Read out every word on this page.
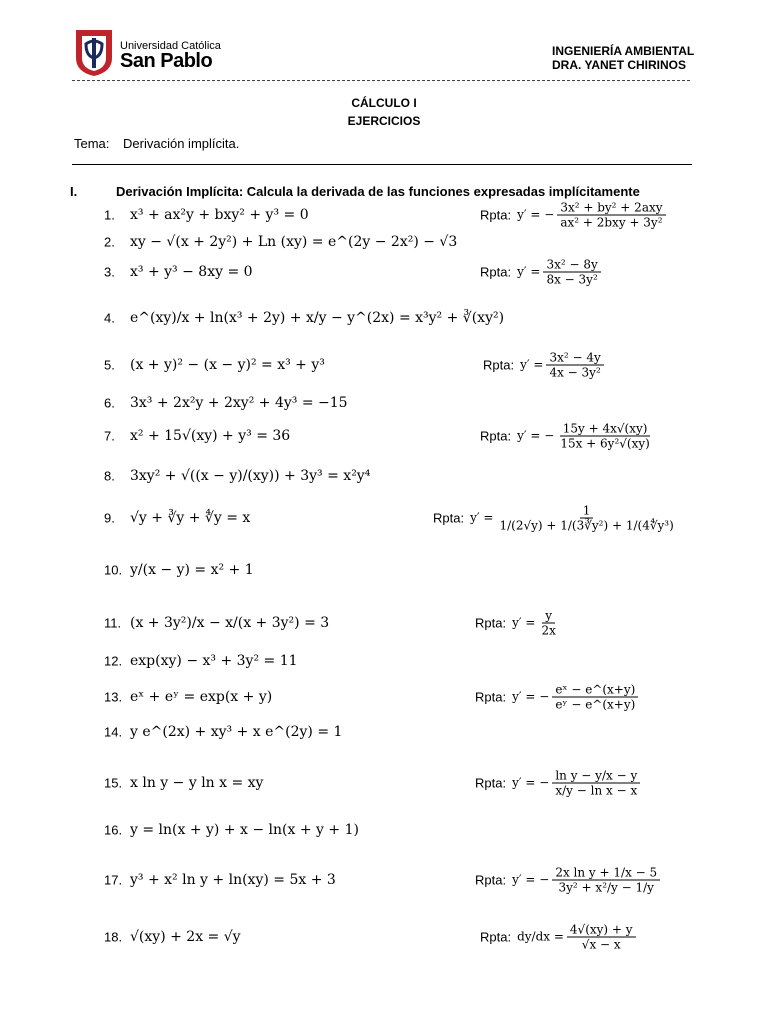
Universidad Católica
San Pablo	INGENIERÍA AMBIENTAL
DRA. YANET CHIRINOS
CÁLCULO I
EJERCICIOS
Tema: Derivación implícita.
I.	Derivación Implícita: Calcula la derivada de las funciones expresadas implícitamente
1. x³ + ax²y + bxy² + y³ = 0	Rpta: y′ = − $\frac{\text{3x² + by² + 2axy}}{\text{ax² + 2bxy + 3y²}}$
2. xy − √(x + 2y²) + Ln (xy) = e^(2y − 2x²) − √3
3. x³ + y³ − 8xy = 0	Rpta: $y' = \frac{\text{3x² − 8y}}{\text{8x − 3y²}}$
4. e^(xy)/x + ln(x³ + 2y) + x/y − y^(2x) = x³y² + ∛(xy²)
5. (x + y)² − (x − y)² = x³ + y³	Rpta: $y' = \frac{\text{3x² − 4y}}{\text{4x − 3y²}}$
6. 3x³ + 2x²y + 2xy² + 4y³ = −15
7. x² + 15√(xy) + y³ = 36	Rpta: y′ = − $\frac{15y + 4x√(xy)}{\text{15x + 6y²√(xy)}}$
8. 3xy² + √((x − y)/(xy)) + 3y³ = x²y⁴
9. √y + ∛y + ∜y = x	Rpta: $y' = \frac{1}{\text{1/(2√y) + 1/(3∛y²) + 1/(4∜y³)}}$
10. y/(x − y) = x² + 1
11. (x + 3y²)/x − x/(x + 3y²) = 3	Rpta: $y' = \frac{y}{2x}$
12. exp(xy) − x³ + 3y² = 11
13. eˣ + eʸ = exp(x + y)	Rpta: y′ = − $\frac{\text{eˣ − e\textasciicircum{}(x+y)}}{\text{eʸ − e\textasciicircum{}(x+y)}}$
14. y e^(2x) + xy³ + x e^(2y) = 1
15. x ln y − y ln x = xy	Rpta: y′ = − $\frac{\text{ln y − y/x − y}}{\text{x/y − ln x − x}}$
16. y = ln(x + y) + x − ln(x + y + 1)
17. y³ + x² ln y + ln(xy) = 5x + 3	Rpta: y′ = − $\frac{\text{2x ln y + 1/x − 5}}{\text{3y² + x²/y − 1/y}}$
18. √(xy) + 2x = √y	Rpta: $dy/dx = \frac{4√(xy) + y}{√x - x}$
